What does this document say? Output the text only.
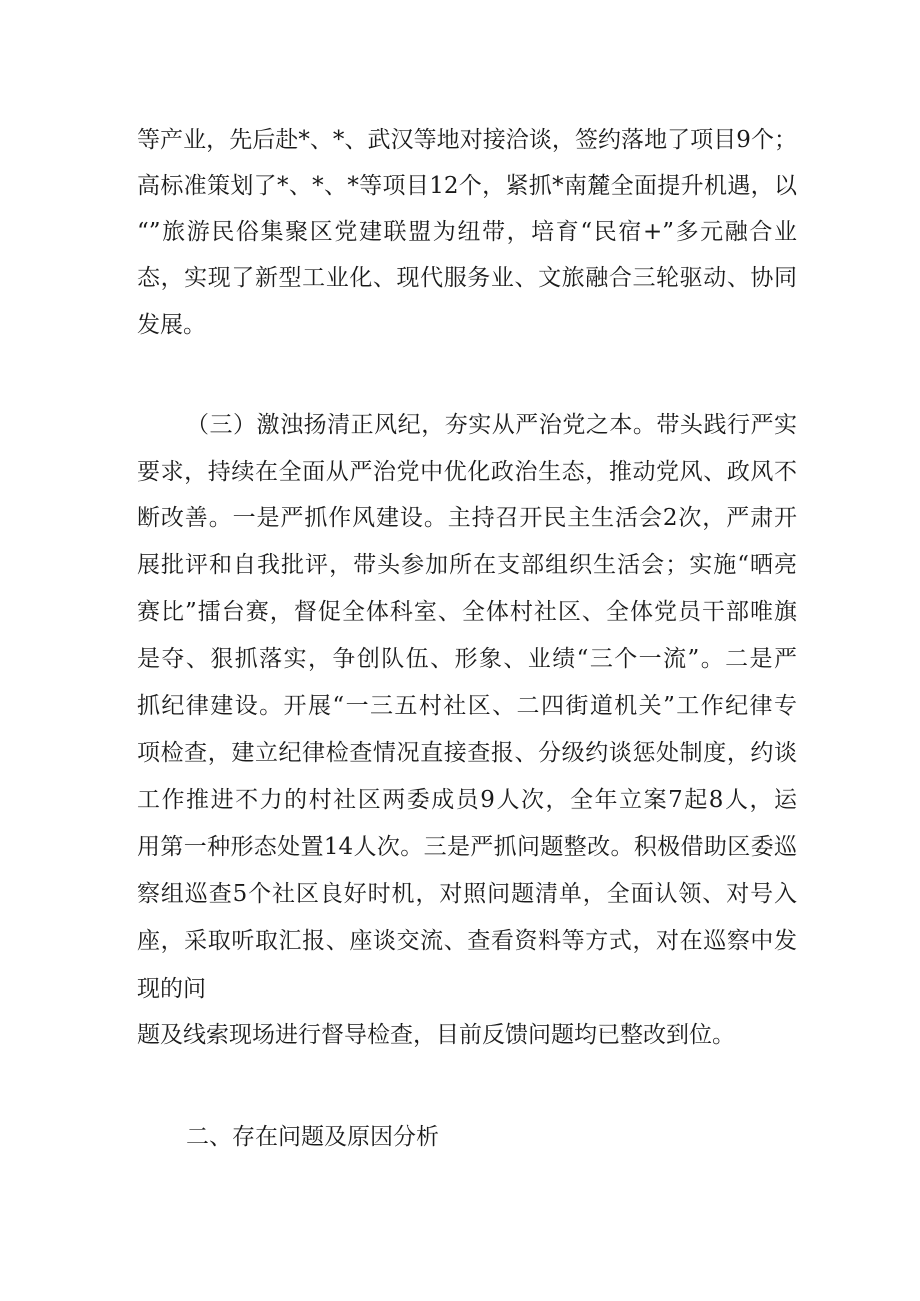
等产业，先后赴*、*、武汉等地对接洽谈，签约落地了项目9个；
高标准策划了*、*、*等项目12个，紧抓*南麓全面提升机遇，以
“”旅游民俗集聚区党建联盟为纽带，培育“民宿+”多元融合业
态，实现了新型工业化、现代服务业、文旅融合三轮驱动、协同
发展。
（三）激浊扬清正风纪，夯实从严治党之本。带头践行严实
要求，持续在全面从严治党中优化政治生态，推动党风、政风不
断改善。一是严抓作风建设。主持召开民主生活会2次，严肃开
展批评和自我批评，带头参加所在支部组织生活会；实施“晒亮
赛比”擂台赛，督促全体科室、全体村社区、全体党员干部唯旗
是夺、狠抓落实，争创队伍、形象、业绩“三个一流”。二是严
抓纪律建设。开展“一三五村社区、二四街道机关”工作纪律专
项检查，建立纪律检查情况直接查报、分级约谈惩处制度，约谈
工作推进不力的村社区两委成员9人次，全年立案7起8人，运
用第一种形态处置14人次。三是严抓问题整改。积极借助区委巡
察组巡查5个社区良好时机，对照问题清单，全面认领、对号入
座，采取听取汇报、座谈交流、查看资料等方式，对在巡察中发
现的问
题及线索现场进行督导检查，目前反馈问题均已整改到位。
二、存在问题及原因分析
